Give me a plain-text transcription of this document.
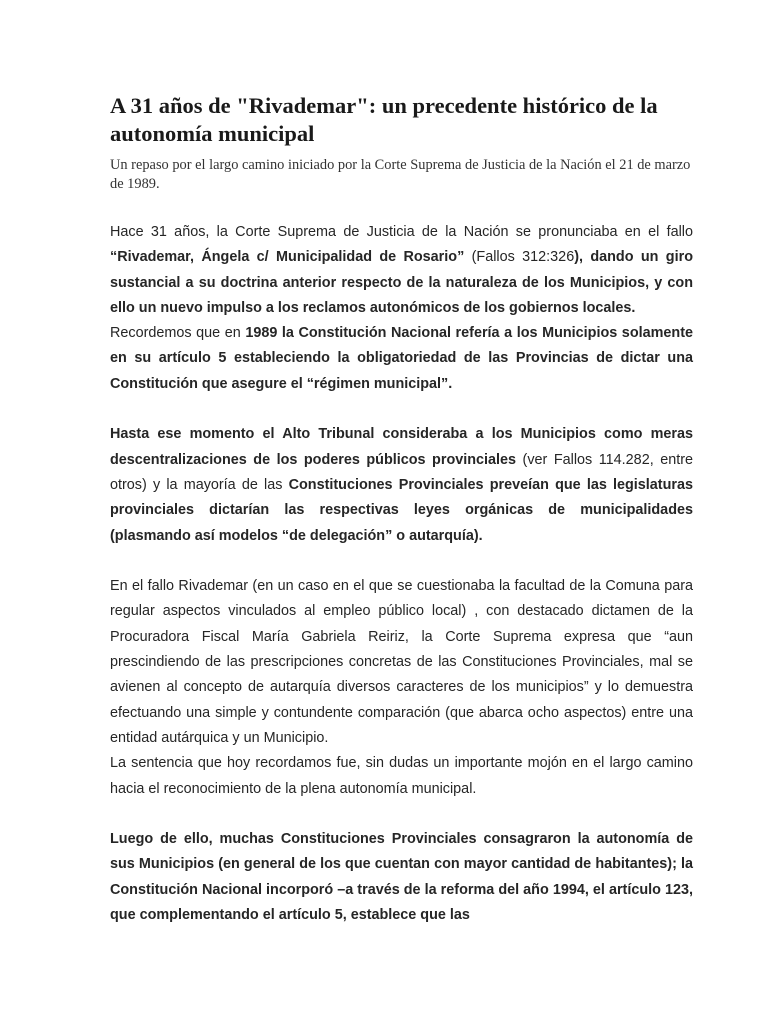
A 31 años de "Rivademar": un precedente histórico de la autonomía municipal
Un repaso por el largo camino iniciado por la Corte Suprema de Justicia de la Nación el 21 de marzo de 1989.

Hace 31 años, la Corte Suprema de Justicia de la Nación se pronunciaba en el fallo “Rivademar, Ángela c/ Municipalidad de Rosario” (Fallos 312:326), dando un giro sustancial a su doctrina anterior respecto de la naturaleza de los Municipios, y con ello un nuevo impulso a los reclamos autonómicos de los gobiernos locales.

Recordemos que en 1989 la Constitución Nacional refería a los Municipios solamente en su artículo 5 estableciendo la obligatoriedad de las Provincias de dictar una Constitución que asegure el “régimen municipal”.

Hasta ese momento el Alto Tribunal consideraba a los Municipios como meras descentralizaciones de los poderes públicos provinciales (ver Fallos 114.282, entre otros) y la mayoría de las Constituciones Provinciales preveían que las legislaturas provinciales dictarían las respectivas leyes orgánicas de municipalidades (plasmando así modelos “de delegación” o autarquía).

En el fallo Rivademar (en un caso en el que se cuestionaba la facultad de la Comuna para regular aspectos vinculados al empleo público local) , con destacado dictamen de la Procuradora Fiscal María Gabriela Reiriz, la Corte Suprema expresa que “aun prescindiendo de las prescripciones concretas de las Constituciones Provinciales, mal se avienen al concepto de autarquía diversos caracteres de los municipios” y lo demuestra efectuando una simple y contundente comparación (que abarca ocho aspectos) entre una entidad autárquica y un Municipio.

La sentencia que hoy recordamos fue, sin dudas un importante mojón en el largo camino hacia el reconocimiento de la plena autonomía municipal.

Luego de ello, muchas Constituciones Provinciales consagraron la autonomía de sus Municipios (en general de los que cuentan con mayor cantidad de habitantes); la Constitución Nacional incorporó –a través de la reforma del año 1994, el artículo 123, que complementando el artículo 5, establece que las
